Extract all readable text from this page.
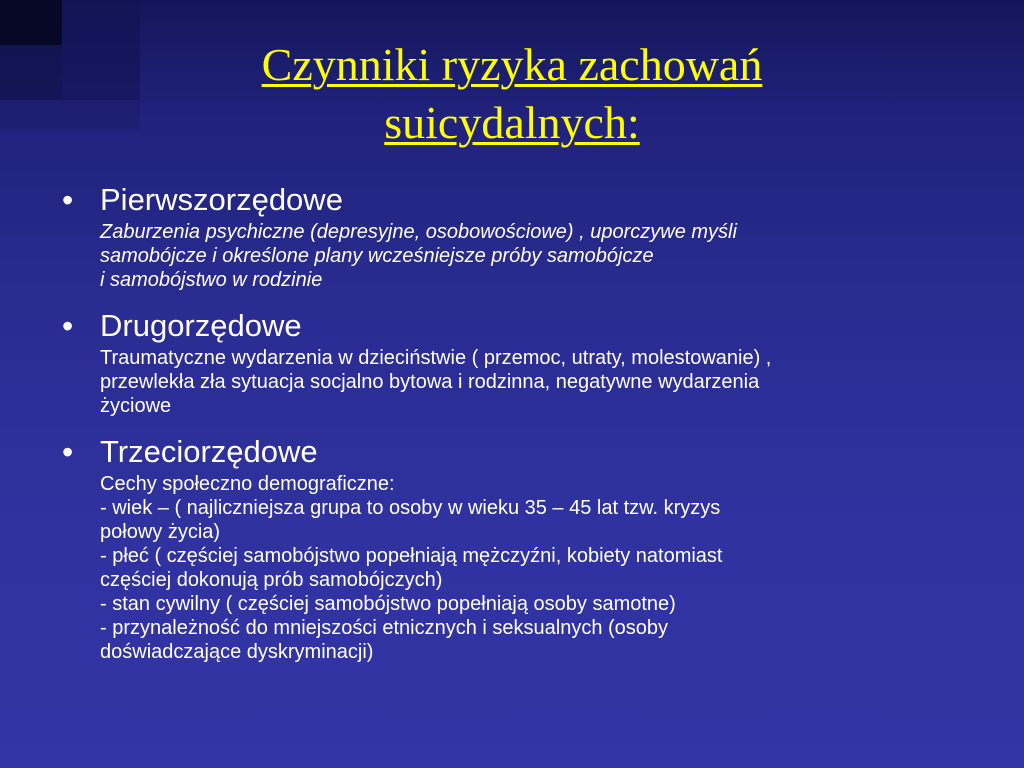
Czynniki ryzyka zachowań
suicydalnych:
• Pierwszorzędowe
Zaburzenia psychiczne (depresyjne, osobowościowe) , uporczywe myśli
samobójcze i określone plany wcześniejsze próby samobójcze
i samobójstwo w rodzinie
• Drugorzędowe
Traumatyczne wydarzenia w dzieciństwie ( przemoc, utraty, molestowanie) ,
przewlekła zła sytuacja socjalno bytowa i rodzinna, negatywne wydarzenia
życiowe
• Trzeciorzędowe
Cechy społeczno demograficzne:
- wiek – ( najliczniejsza grupa to osoby w wieku 35 – 45 lat tzw. kryzys
połowy życia)
- płeć ( częściej samobójstwo popełniają mężczyźni, kobiety natomiast
częściej dokonują prób samobójczych)
- stan cywilny ( częściej samobójstwo popełniają osoby samotne)
- przynależność do mniejszości etnicznych i seksualnych (osoby
doświadczające dyskryminacji)
